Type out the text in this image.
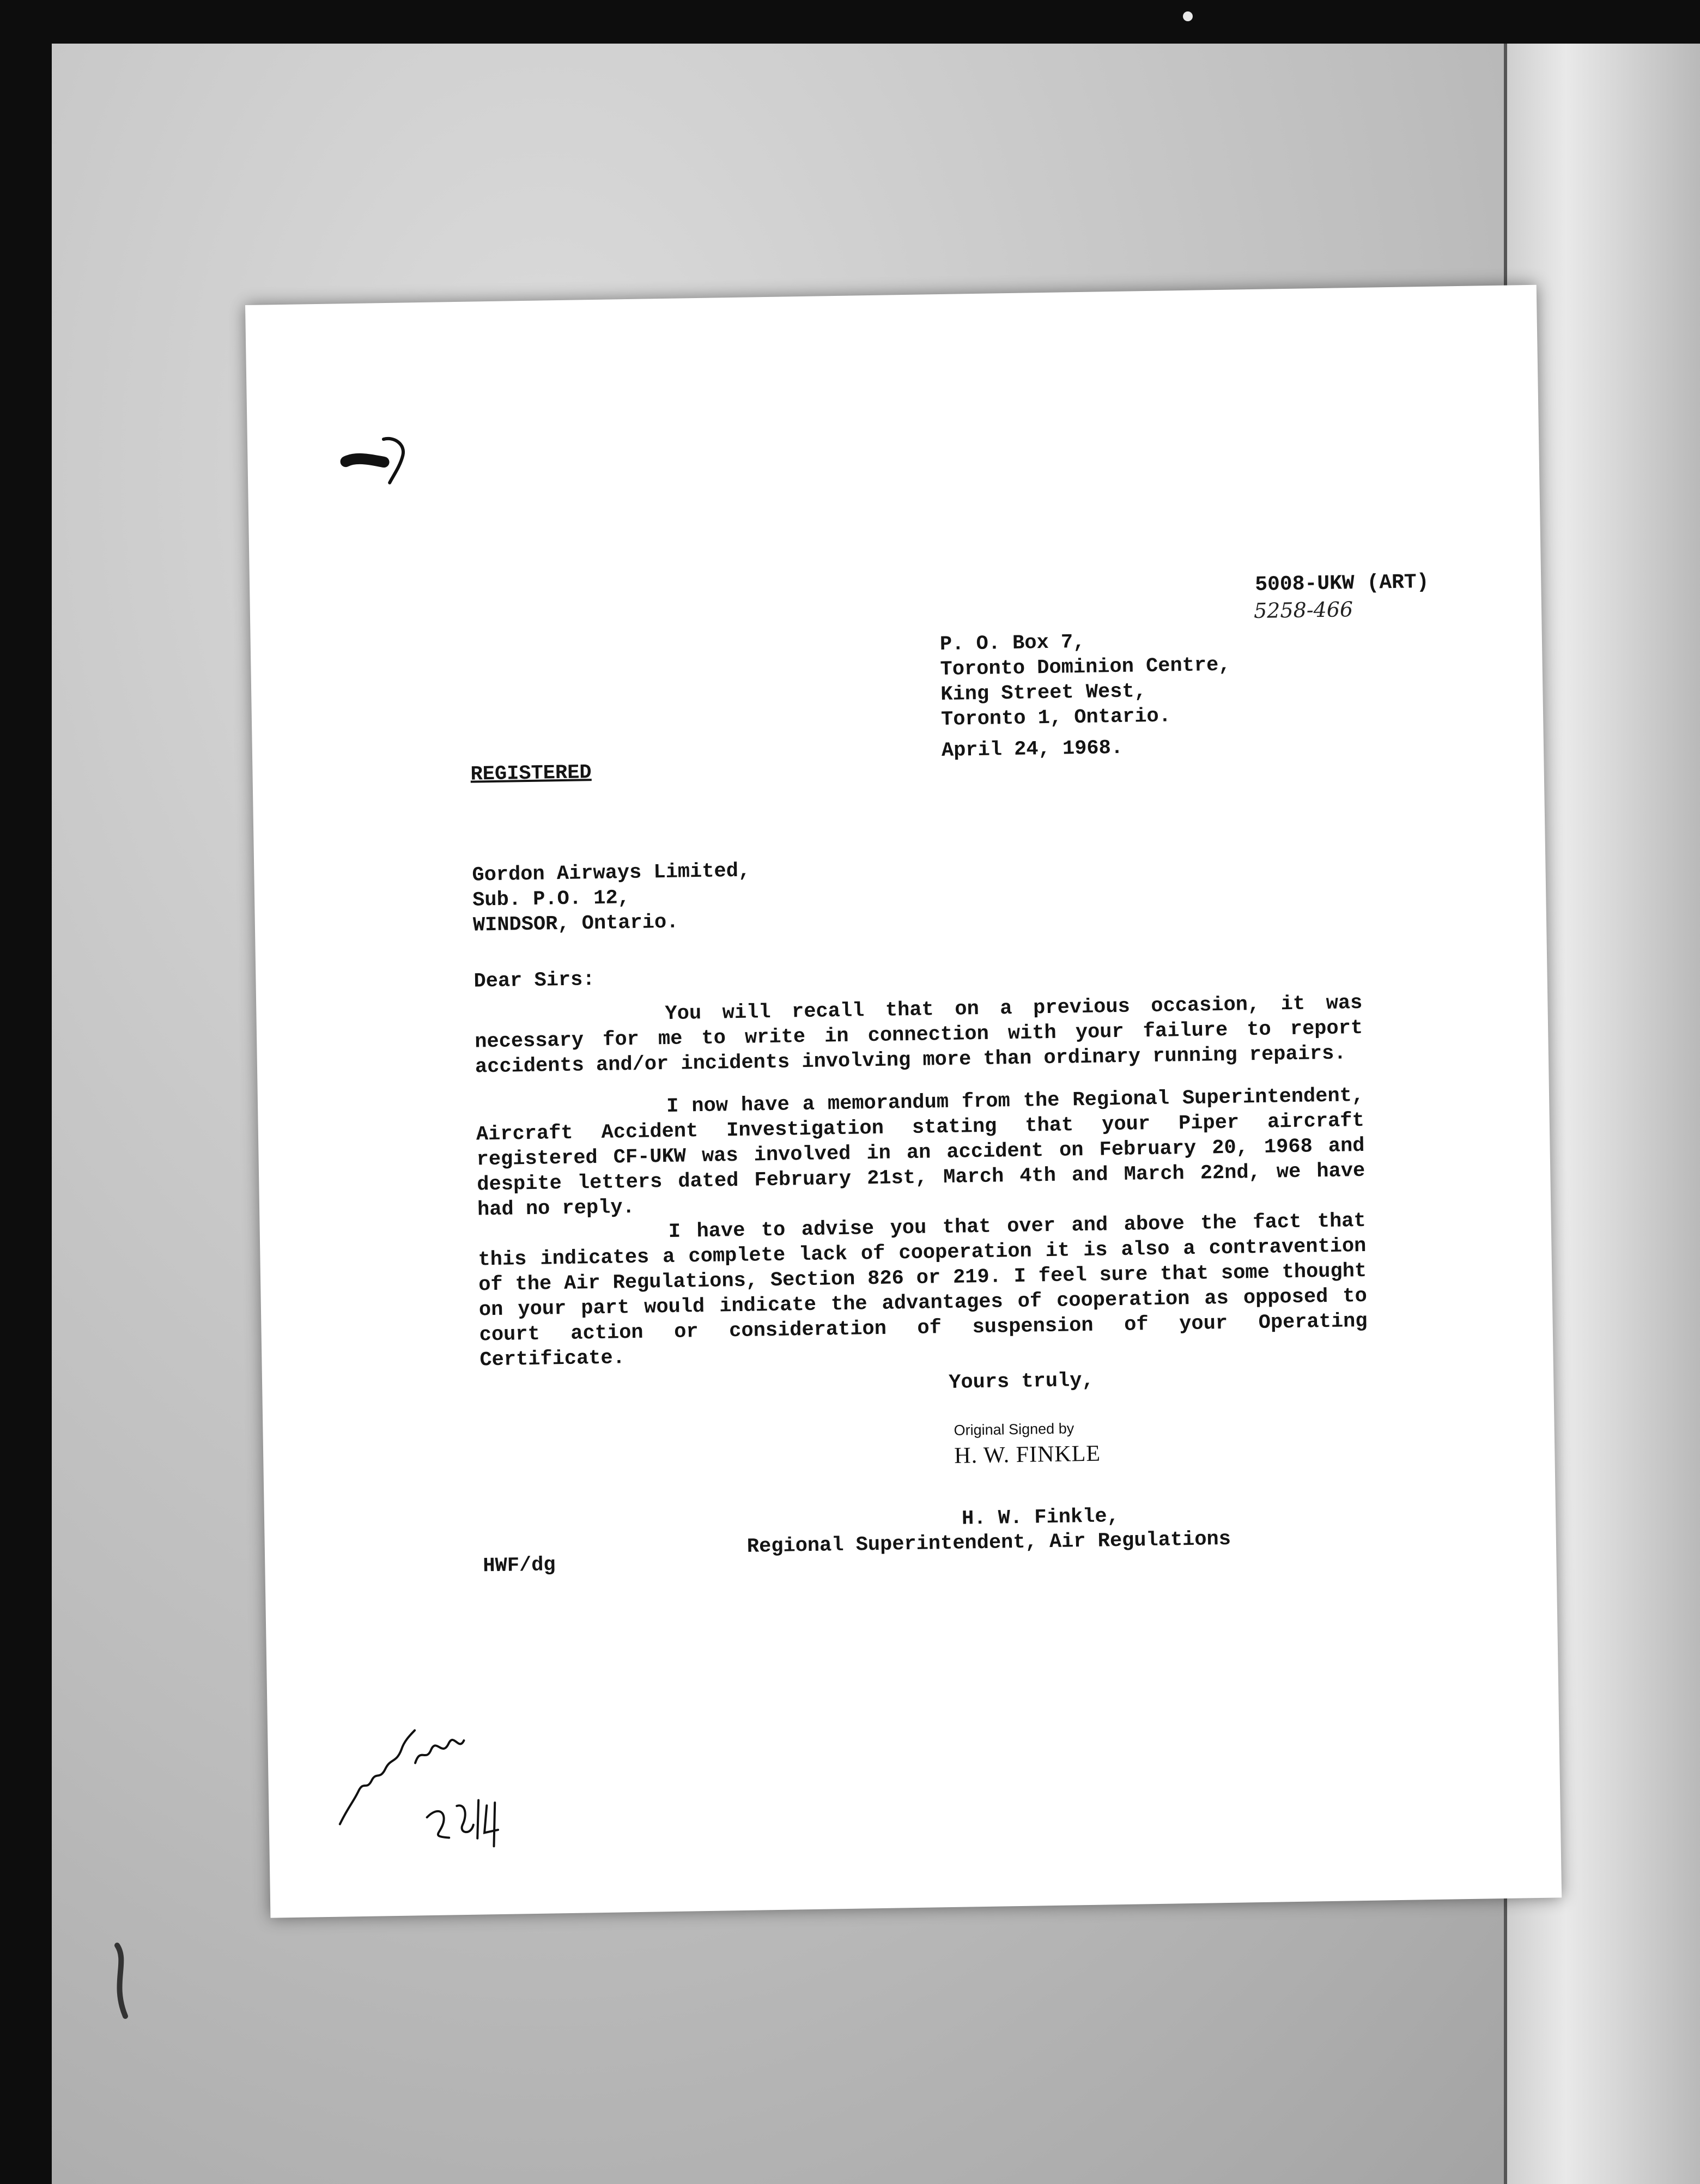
5008-UKW (ART)
5258-466
P. O. Box 7,
Toronto Dominion Centre,
King Street West,
Toronto 1, Ontario.
April 24, 1968.
REGISTERED
Gordon Airways Limited,
Sub. P.O. 12,
WINDSOR, Ontario.
Dear Sirs:

You will recall that on a previous occasion, it was necessary for me to write in connection with your failure to report accidents and/or incidents involving more than ordinary running repairs.

I now have a memorandum from the Regional Superintendent, Aircraft Accident Investigation stating that your Piper aircraft registered CF-UKW was involved in an accident on February 20, 1968 and despite letters dated February 21st, March 4th and March 22nd, we have had no reply.

I have to advise you that over and above the fact that this indicates a complete lack of cooperation it is also a contravention of the Air Regulations, Section 826 or 219. I feel sure that some thought on your part would indicate the advantages of cooperation as opposed to court action or consideration of suspension of your Operating Certificate.

Yours truly,
Original Signed by
H. W. FINKLE
H. W. Finkle,
Regional Superintendent, Air Regulations
HWF/dg
